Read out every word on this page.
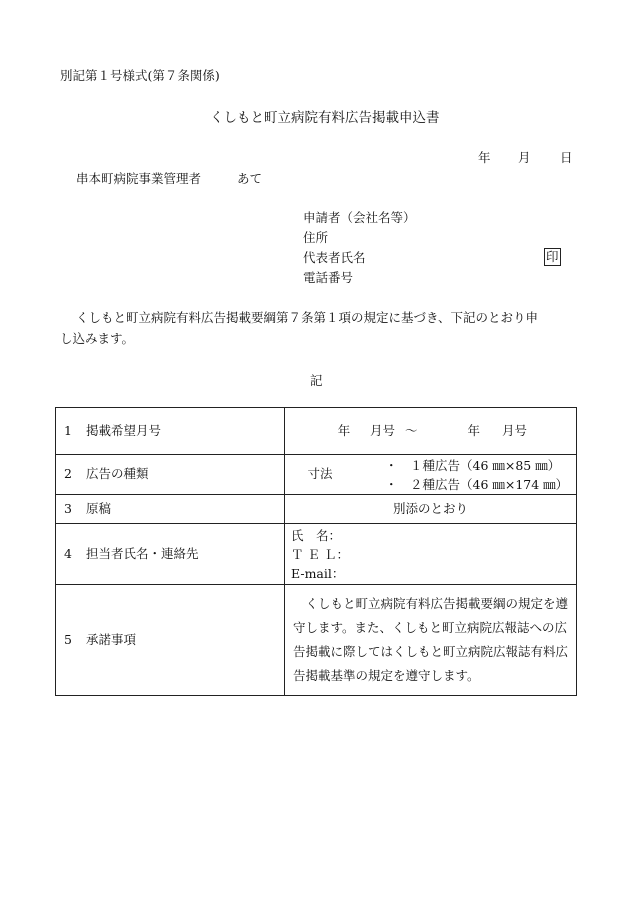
別記第１号様式(第７条関係)
くしもと町立病院有料広告掲載申込書
年 月 日
串本町病院事業管理者	あて
申請者（会社名等）
住所
代表者氏名	印
電話番号
くしもと町立病院有料広告掲載要綱第７条第１項の規定に基づき、下記のとおり申
し込みます。
記
1 掲載希望月号	年 月号 ～	年 月号
2 広告の種類		寸法	
・　１種広告（46 ㎜×85 ㎜）
・　２種広告（46 ㎜×174 ㎜）

3 原稿	別添のとおり
4 担当者氏名・連絡先	
氏　名：
Ｔ Ｅ Ｌ：
E-mail：

5 承諾事項	　くしもと町立病院有料広告掲載要綱の規定を遵守します。また、くしもと町立病院広報誌への広告掲載に際してはくしもと町立病院広報誌有料広告掲載基準の規定を遵守します。
